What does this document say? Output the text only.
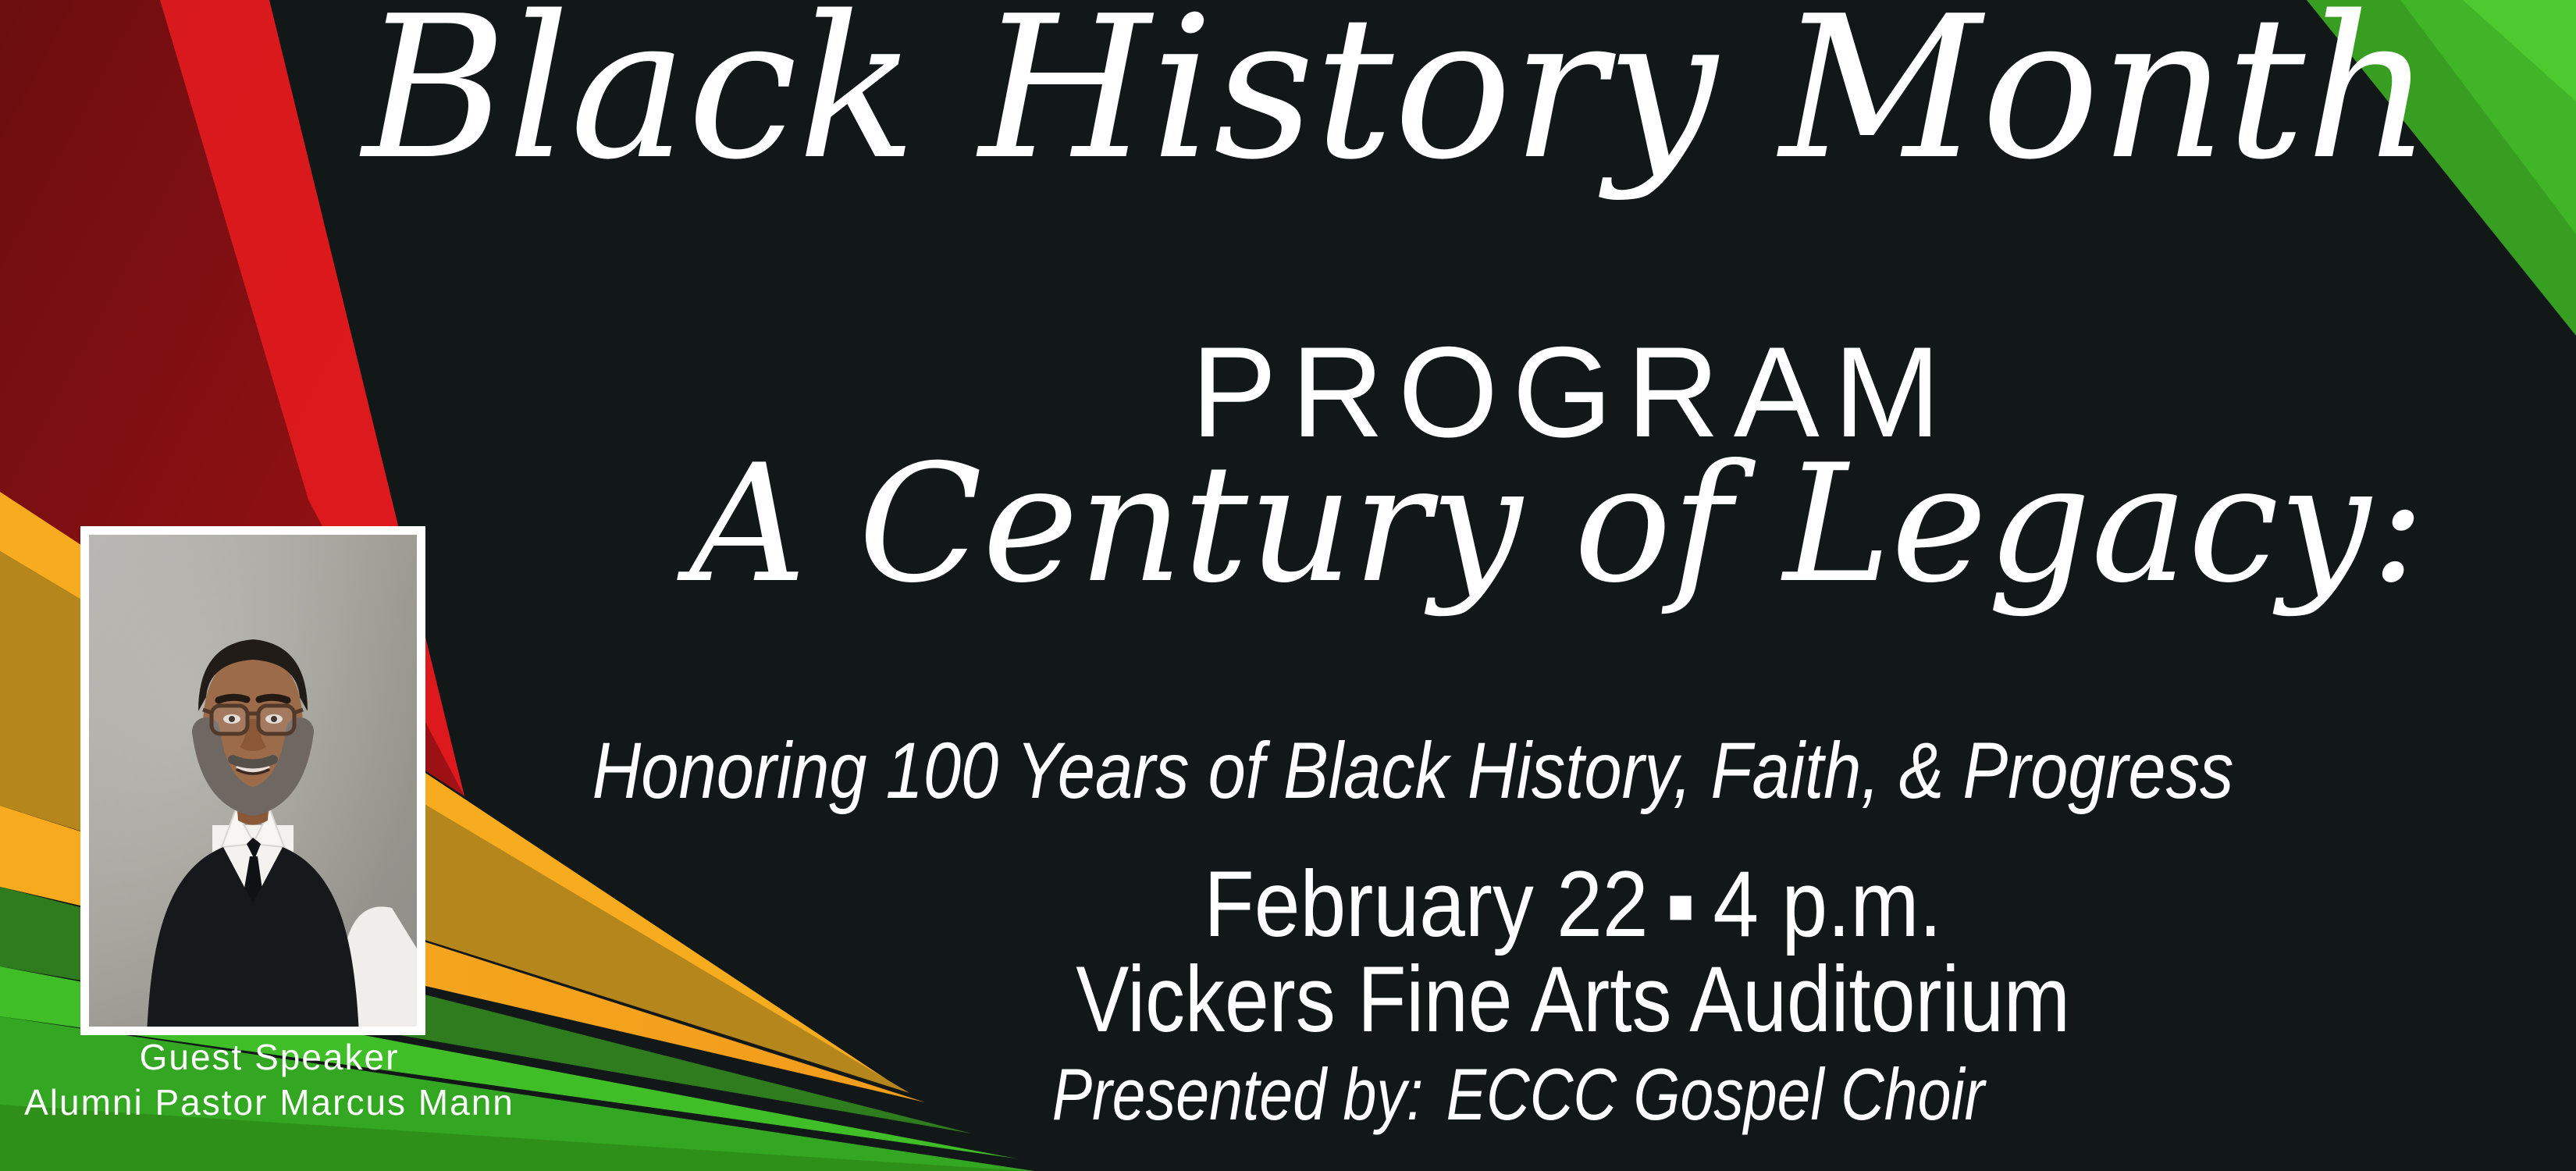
Guest Speaker
Alumni Pastor Marcus Mann
Black History Month
PROGRAM
A Century of Legacy:
Honoring 100 Years of Black History, Faith, & Progress
February 22 ▪ 4 p.m.
Vickers Fine Arts Auditorium
Presented by: ECCC Gospel Choir
